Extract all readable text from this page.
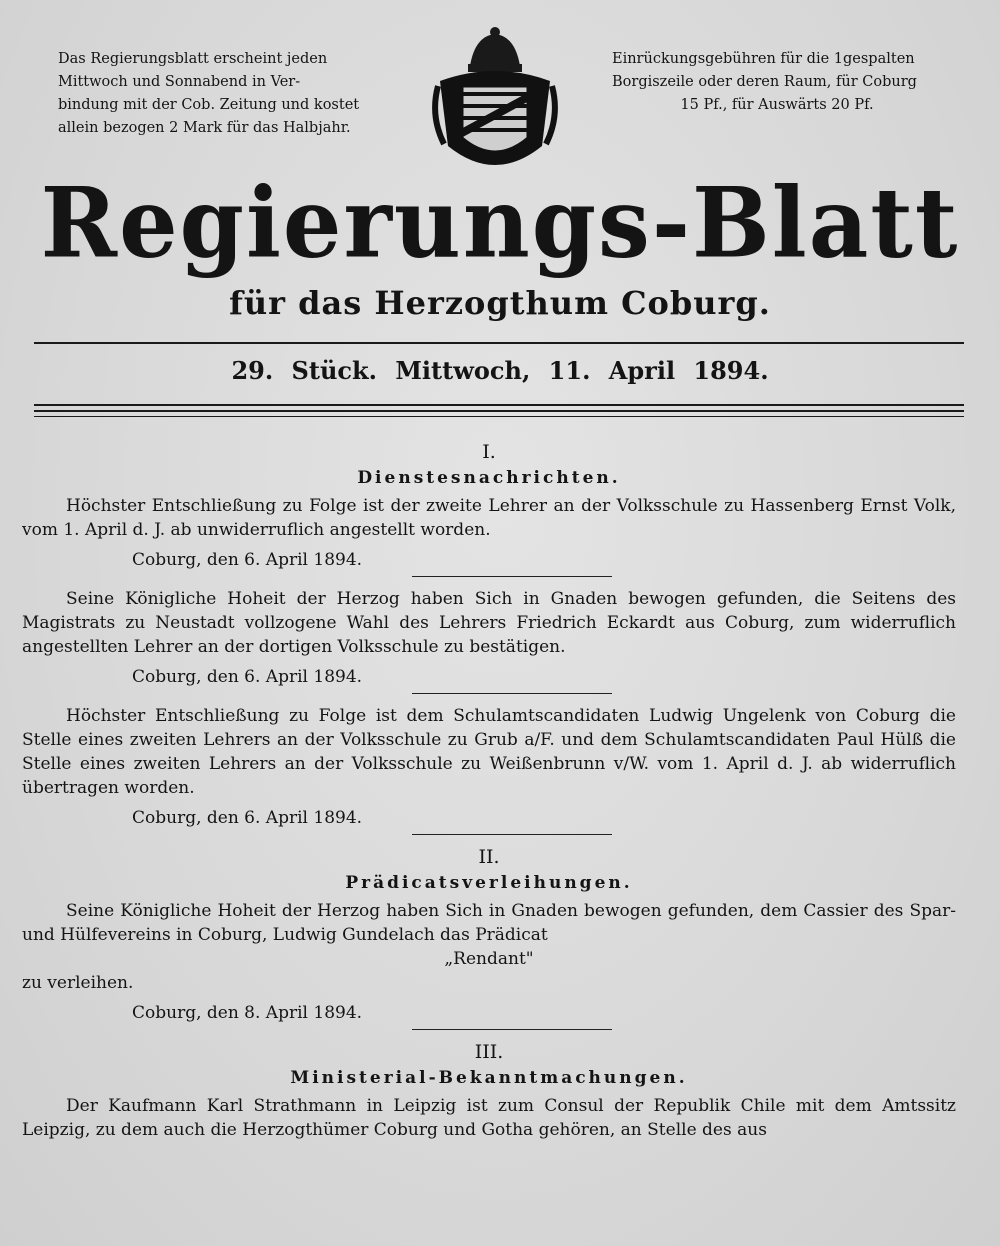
Das Regierungsblatt erscheint jeden
Mittwoch und Sonnabend in Ver-
bindung mit der Cob. Zeitung und kostet
allein bezogen 2 Mark für das Halbjahr.
Einrückungsgebühren für die 1gespalten
Borgiszeile oder deren Raum, für Coburg
15 Pf., für Auswärts 20 Pf.
Regierungs-Blatt
für das Herzogthum Coburg.
29. Stück. Mittwoch, 11. April 1894.

I.

Dienstesnachrichten.

Höchster Entschließung zu Folge ist der zweite Lehrer an der Volksschule zu Hassenberg Ernst Volk, vom 1. April d. J. ab unwiderruflich angestellt worden.

Coburg, den 6. April 1894.

Seine Königliche Hoheit der Herzog haben Sich in Gnaden bewogen gefunden, die Seitens des Magistrats zu Neustadt vollzogene Wahl des Lehrers Friedrich Eckardt aus Coburg, zum widerruflich angestellten Lehrer an der dortigen Volksschule zu bestätigen.

Coburg, den 6. April 1894.

Höchster Entschließung zu Folge ist dem Schulamtscandidaten Ludwig Ungelenk von Coburg die Stelle eines zweiten Lehrers an der Volksschule zu Grub a/F. und dem Schulamtscandidaten Paul Hülß die Stelle eines zweiten Lehrers an der Volksschule zu Weißenbrunn v/W. vom 1. April d. J. ab widerruflich übertragen worden.

Coburg, den 6. April 1894.

II.

Prädicatsverleihungen.

Seine Königliche Hoheit der Herzog haben Sich in Gnaden bewogen gefunden, dem Cassier des Spar- und Hülfevereins in Coburg, Ludwig Gundelach das Prädicat

„Rendant"

zu verleihen.

Coburg, den 8. April 1894.

III.

Ministerial-Bekanntmachungen.

Der Kaufmann Karl Strathmann in Leipzig ist zum Consul der Republik Chile mit dem Amtssitz Leipzig, zu dem auch die Herzogthümer Coburg und Gotha gehören, an Stelle des aus
